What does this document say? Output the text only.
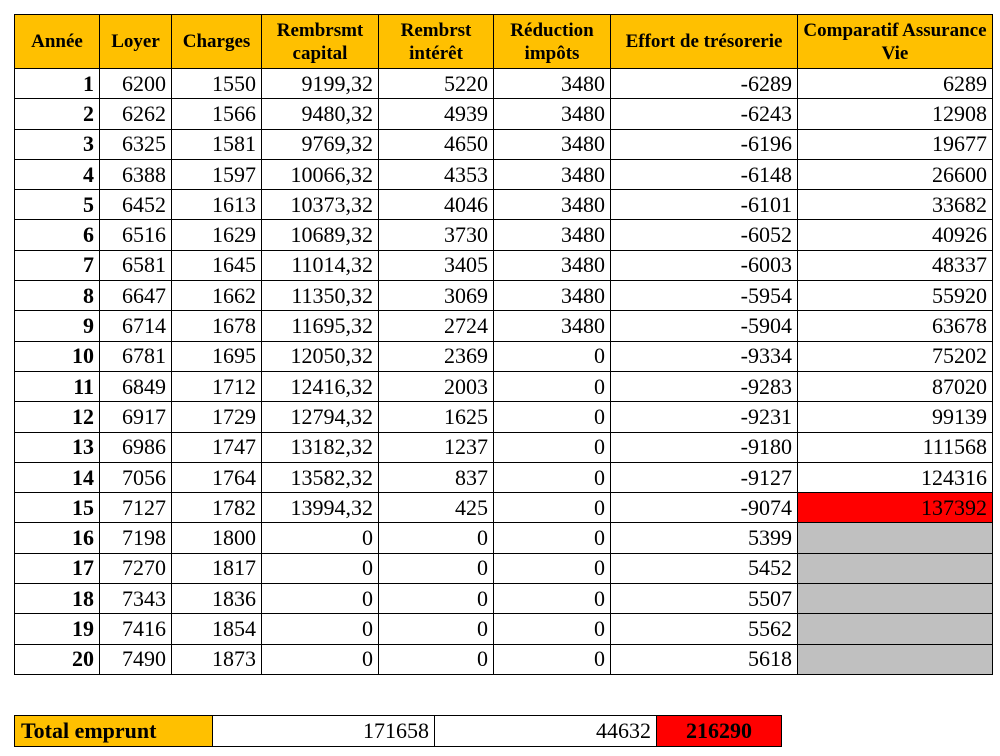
Année	Loyer	Charges	Rembrsmt capital	Rembrst intérêt	Réduction impôts	Effort de trésorerie	Comparatif Assurance Vie
1	6200	1550	9199,32	5220	3480	-6289	6289
2	6262	1566	9480,32	4939	3480	-6243	12908
3	6325	1581	9769,32	4650	3480	-6196	19677
4	6388	1597	10066,32	4353	3480	-6148	26600
5	6452	1613	10373,32	4046	3480	-6101	33682
6	6516	1629	10689,32	3730	3480	-6052	40926
7	6581	1645	11014,32	3405	3480	-6003	48337
8	6647	1662	11350,32	3069	3480	-5954	55920
9	6714	1678	11695,32	2724	3480	-5904	63678
10	6781	1695	12050,32	2369	0	-9334	75202
11	6849	1712	12416,32	2003	0	-9283	87020
12	6917	1729	12794,32	1625	0	-9231	99139
13	6986	1747	13182,32	1237	0	-9180	111568
14	7056	1764	13582,32	837	0	-9127	124316
15	7127	1782	13994,32	425	0	-9074	137392
16	7198	1800	0	0	0	5399	
17	7270	1817	0	0	0	5452	
18	7343	1836	0	0	0	5507	
19	7416	1854	0	0	0	5562	
20	7490	1873	0	0	0	5618	
Total emprunt	171658	44632	216290
